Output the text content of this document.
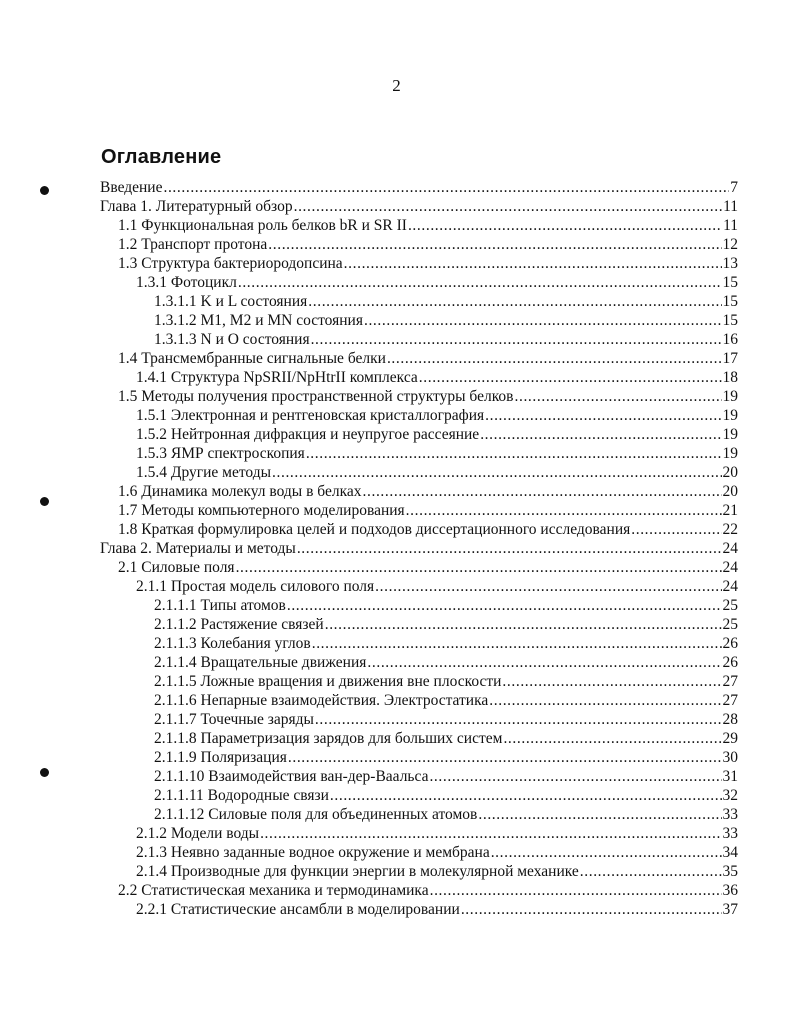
2
Оглавление
Введение .....	7
Глава 1. Литературный обзор .....	11
1.1 Функциональная роль белков bR и SR II .....	11
1.2 Транспорт протона .....	12
1.3 Структура бактериородопсина .....	13
1.3.1 Фотоцикл .....	15
1.3.1.1 K и L состояния .....	15
1.3.1.2 M1, M2 и MN состояния .....	15
1.3.1.3 N и O состояния .....	16
1.4 Трансмембранные сигнальные белки .....	17
1.4.1 Структура NpSRII/NpHtrII комплекса .....	18
1.5 Методы получения пространственной структуры белков .....	19
1.5.1 Электронная и рентгеновская кристаллография .....	19
1.5.2 Нейтронная дифракция и неупругое рассеяние .....	19
1.5.3 ЯМР спектроскопия .....	19
1.5.4 Другие методы .....	20
1.6 Динамика молекул воды в белках .....	20
1.7 Методы компьютерного моделирования .....	21
1.8 Краткая формулировка целей и подходов диссертационного исследования .....	22
Глава 2. Материалы и методы .....	24
2.1 Силовые поля .....	24
2.1.1 Простая модель силового поля .....	24
2.1.1.1 Типы атомов .....	25
2.1.1.2 Растяжение связей .....	25
2.1.1.3 Колебания углов .....	26
2.1.1.4 Вращательные движения .....	26
2.1.1.5 Ложные вращения и движения вне плоскости .....	27
2.1.1.6 Непарные взаимодействия. Электростатика .....	27
2.1.1.7 Точечные заряды .....	28
2.1.1.8 Параметризация зарядов для больших систем .....	29
2.1.1.9 Поляризация .....	30
2.1.1.10 Взаимодействия ван-дер-Ваальса .....	31
2.1.1.11 Водородные связи .....	32
2.1.1.12 Силовые поля для объединенных атомов .....	33
2.1.2 Модели воды .....	33
2.1.3 Неявно заданные водное окружение и мембрана .....	34
2.1.4 Производные для функции энергии в молекулярной механике .....	35
2.2 Статистическая механика и термодинамика .....	36
2.2.1 Статистические ансамбли в моделировании .....	37
